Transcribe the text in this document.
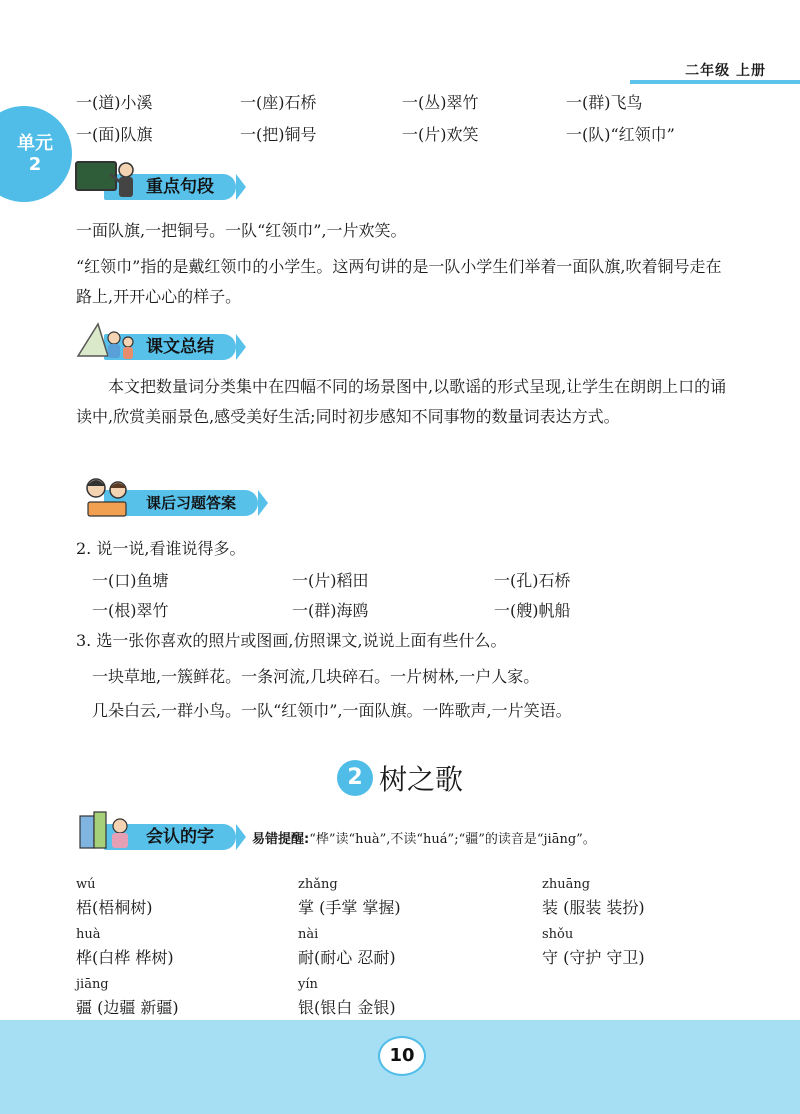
二年级 上册
单元
2
一(道)小溪	一(座)石桥	一(丛)翠竹	一(群)飞鸟
一(面)队旗	一(把)铜号	一(片)欢笑	一(队)“红领巾”
重点句段
一面队旗,一把铜号。一队“红领巾”,一片欢笑。
“红领巾”指的是戴红领巾的小学生。这两句讲的是一队小学生们举着一面队旗,吹着铜号走在路上,开开心心的样子。
课文总结
本文把数量词分类集中在四幅不同的场景图中,以歌谣的形式呈现,让学生在朗朗上口的诵读中,欣赏美丽景色,感受美好生活;同时初步感知不同事物的数量词表达方式。
课后习题答案
2. 说一说,看谁说得多。
一(口)鱼塘	一(片)稻田	一(孔)石桥
一(根)翠竹	一(群)海鸥	一(艘)帆船
3. 选一张你喜欢的照片或图画,仿照课文,说说上面有些什么。
一块草地,一簇鲜花。一条河流,几块碎石。一片树林,一户人家。
几朵白云,一群小鸟。一队“红领巾”,一面队旗。一阵歌声,一片笑语。
2 树之歌
会认的字	易错提醒:“桦”读“huà”,不读“huá”;“疆”的读音是“jiāng”。
wú
梧(梧桐树)
zhǎng
掌 (手掌 掌握)
zhuāng
装 (服装 装扮)
huà
桦(白桦 桦树)
nài
耐(耐心 忍耐)
shǒu
守 (守护 守卫)
jiāng
疆 (边疆 新疆)
yín
银(银白 金银)
10
